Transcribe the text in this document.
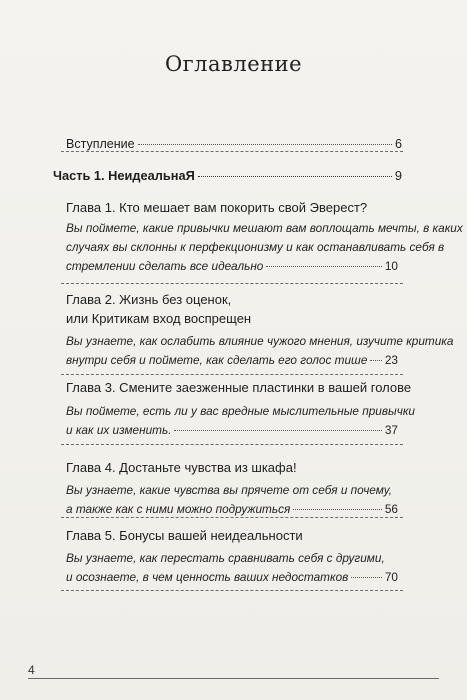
Оглавление
Вступление	6
Часть 1. НеидеальнаЯ	9
Глава 1. Кто мешает вам покорить свой Эверест?
Вы поймете, какие привычки мешают вам воплощать мечты, в каких
случаях вы склонны к перфекционизму и как останавливать себя в
стремлении сделать все идеально	10
Глава 2. Жизнь без оценок,
или Критикам вход воспрещен
Вы узнаете, как ослабить влияние чужого мнения, изучите критика
внутри себя и поймете, как сделать его голос тише 23
Глава 3. Смените заезженные пластинки в вашей голове
Вы поймете, есть ли у вас вредные мыслительные привычки
и как их изменить.	37
Глава 4. Достаньте чувства из шкафа!
Вы узнаете, какие чувства вы прячете от себя и почему,
а также как с ними можно подружиться	56
Глава 5. Бонусы вашей неидеальности
Вы узнаете, как перестать сравнивать себя с другими,
и осознаете, в чем ценность ваших недостатков	70
4
